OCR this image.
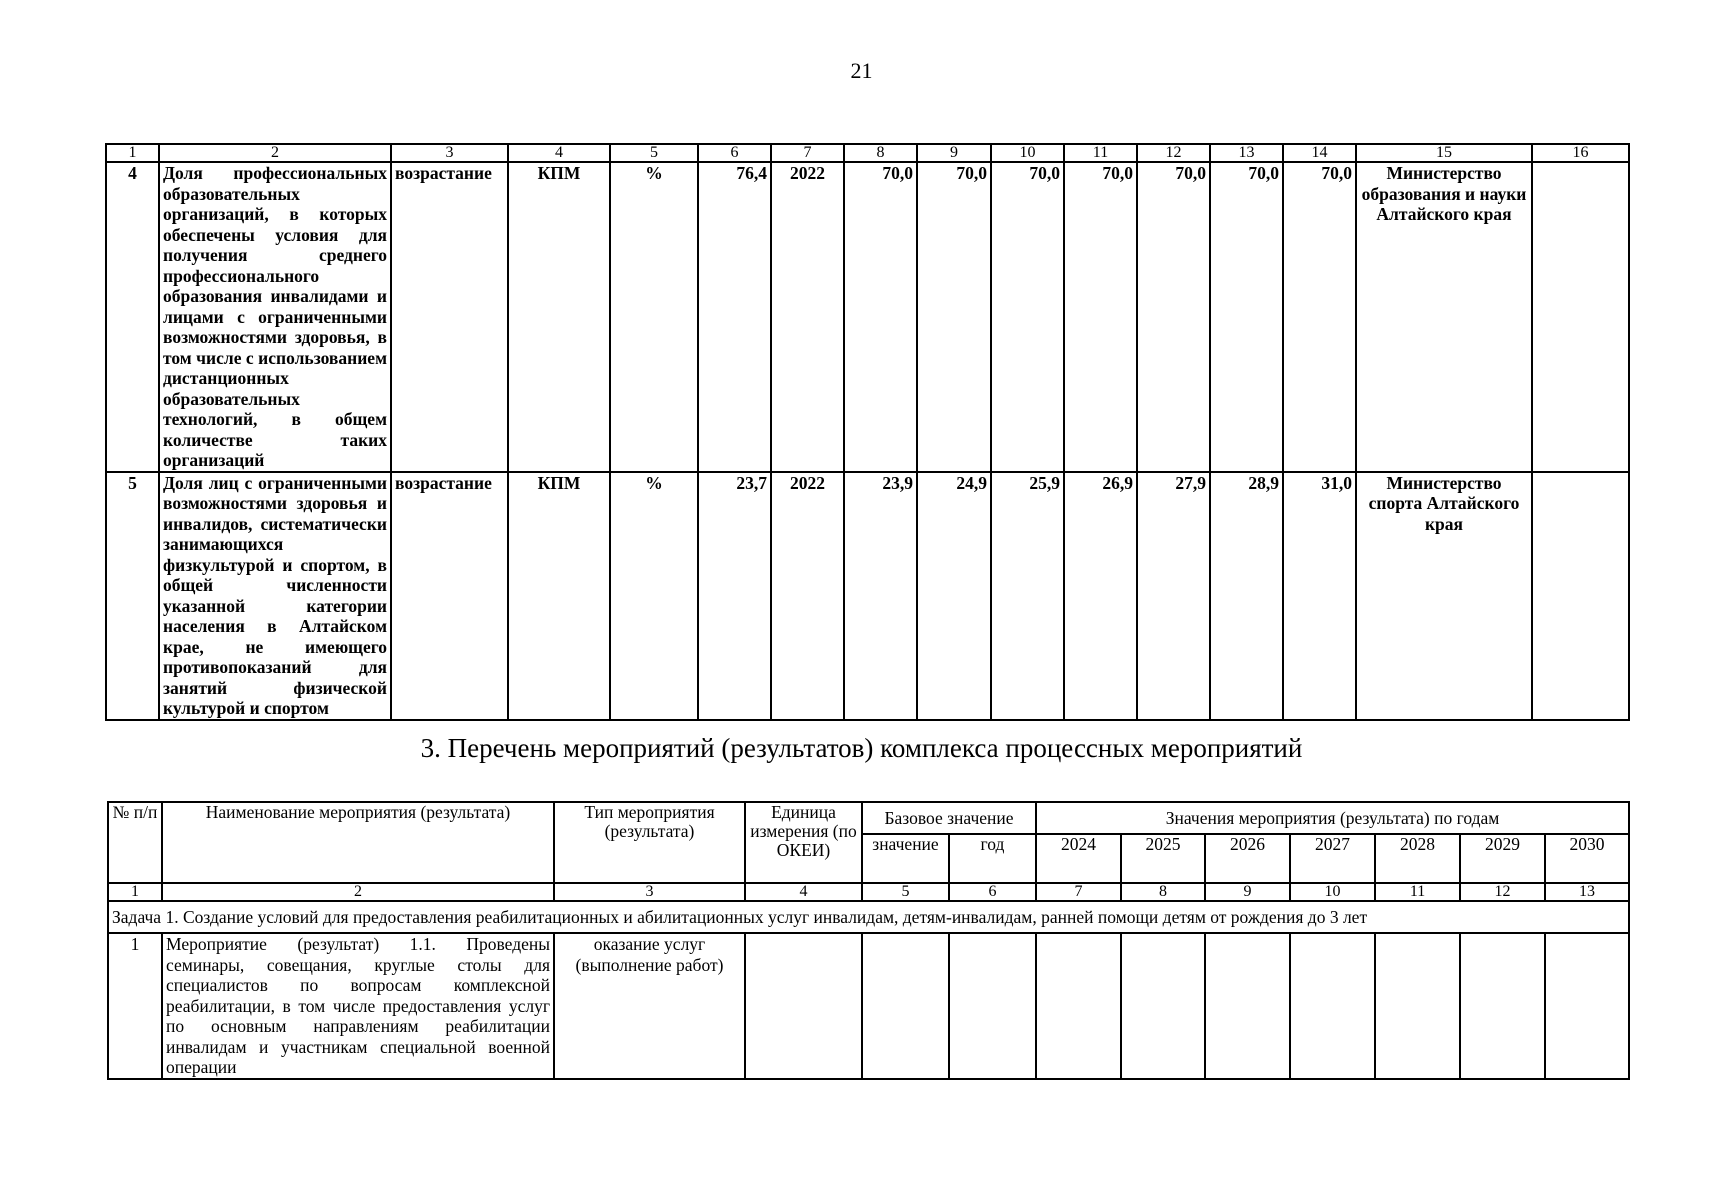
21
1	2	3	4	5	6	7	8	9	10	11	12	13	14	15	16
4	Доля профессиональных образовательных организаций, в которых обеспечены условия для получения среднего профессионального образования инвалидами и лицами с ограниченными возможностями здоровья, в том числе с использованием дистанционных образовательных технологий, в общем количестве таких организаций	возрастание	КПМ	%	76,4	2022	70,0	70,0	70,0	70,0	70,0	70,0	70,0	Министерство образования и науки Алтайского края	
5	Доля лиц с ограниченными возможностями здоровья и инвалидов, систематически занимающихся физкультурой и спортом, в общей численности указанной категории населения в Алтайском крае, не имеющего противопоказаний для занятий физической культурой и спортом	возрастание	КПМ	%	23,7	2022	23,9	24,9	25,9	26,9	27,9	28,9	31,0	Министерство спорта Алтайского края	
3. Перечень мероприятий (результатов) комплекса процессных мероприятий
№ п/п	Наименование мероприятия (результата)	Тип мероприятия (результата)	Единица измерения (по ОКЕИ)	Базовое значение		Значения мероприятия (результата) по годам						
				значение	год	2024	2025	2026	2027	2028	2029	2030
1	2	3	4	5	6	7	8	9	10	11	12	13
Задача 1. Создание условий для предоставления реабилитационных и абилитационных услуг инвалидам, детям-инвалидам, ранней помощи детям от рождения до 3 лет												
1	Мероприятие (результат) 1.1. Проведены семинары, совещания, круглые столы для специалистов по вопросам комплексной реабилитации, в том числе предоставления услуг по основным направлениям реабилитации инвалидам и участникам специальной военной операции	оказание услуг (выполнение работ)										
